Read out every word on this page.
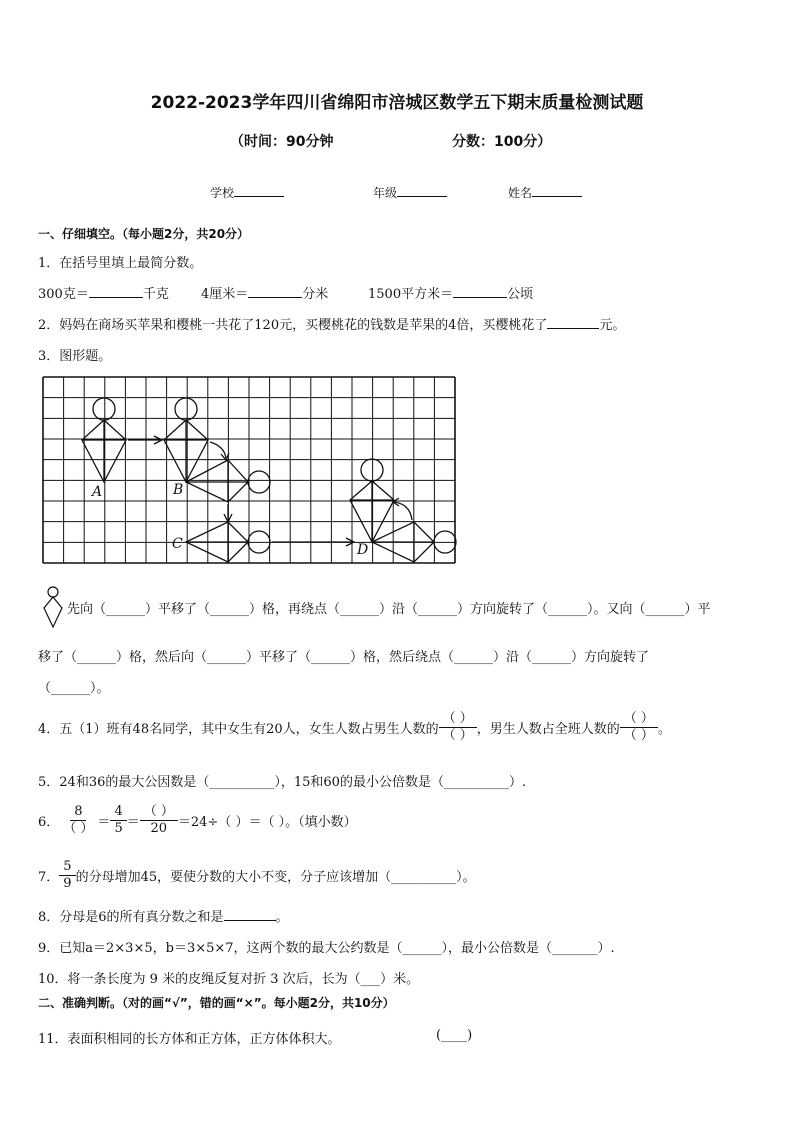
2022-2023学年四川省绵阳市涪城区数学五下期末质量检测试题
（时间：90分钟	分数：100分）
学校	年级	姓名
一、仔细填空。（每小题2分，共20分）
1．在括号里填上最简分数。
300克＝	千克 4厘米＝	分米	1500平方米＝	公顷
2．妈妈在商场买苹果和樱桃一共花了120元，买樱桃花的钱数是苹果的4倍，买樱桃花了	元。
3．图形题。
A	B
C	D
先向（______）平移了（______）格，再绕点（______）沿（______）方向旋转了（______）。又向（______）平
移了（______）格，然后向（______）平移了（______）格，然后绕点（______）沿（______）方向旋转了
（______）。
4．五（1）班有48名同学，其中女生有20人，女生人数占男生人数的 $\frac{( )}{( )}$ ，男生人数占全班人数的 $\frac{( )}{( )}$ 。
5．24和36的最大公因数是（__________），15和60的最小公倍数是（__________）.
6． $\frac{8}{( )} = \frac{4}{5} = \frac{( )}{20} =24\div$（ ）＝（ ）。（填小数）
7． $\frac{5}{9}$ 的分母增加45，要使分数的大小不变，分子应该增加（__________）。
8．分母是6的所有真分数之和是	。
9．已知a＝2×3×5，b＝3×5×7，这两个数的最大公约数是（______），最小公倍数是（_______）.
10．将一条长度为 9 米的皮绳反复对折 3 次后，长为（___）米。
二、准确判断。（对的画“√”，错的画“×”。每小题2分，共10分）
11．表面积相同的长方体和正方体，正方体体积大。	(____)
